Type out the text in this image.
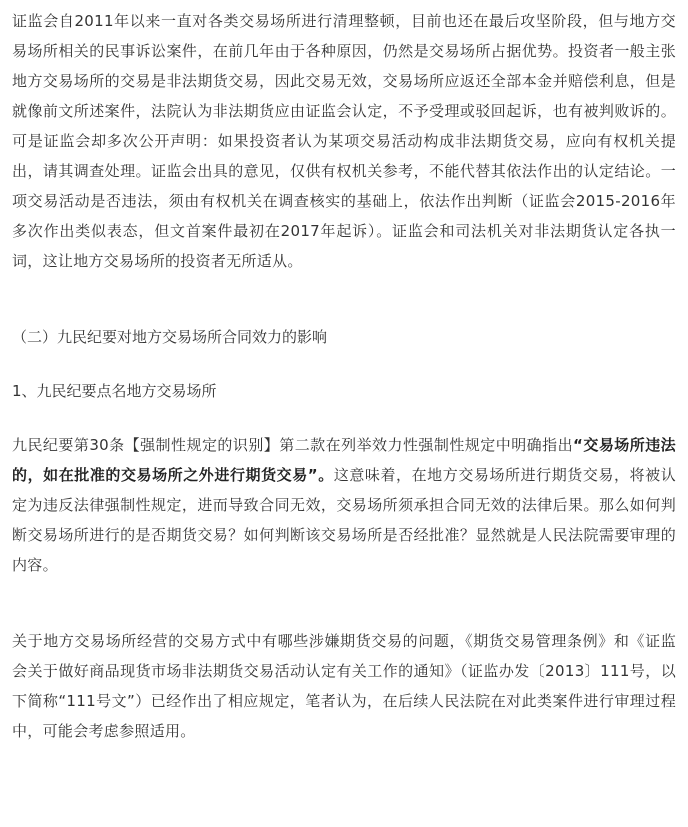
证监会自2011年以来一直对各类交易场所进行清理整顿，目前也还在最后攻坚阶段，但与地方交易场所相关的民事诉讼案件，在前几年由于各种原因，仍然是交易场所占据优势。投资者一般主张地方交易场所的交易是非法期货交易，因此交易无效，交易场所应返还全部本金并赔偿利息，但是就像前文所述案件，法院认为非法期货应由证监会认定，不予受理或驳回起诉，也有被判败诉的。可是证监会却多次公开声明：如果投资者认为某项交易活动构成非法期货交易，应向有权机关提出，请其调查处理。证监会出具的意见，仅供有权机关参考，不能代替其依法作出的认定结论。一项交易活动是否违法，须由有权机关在调查核实的基础上，依法作出判断（证监会2015-2016年多次作出类似表态，但文首案件最初在2017年起诉）。证监会和司法机关对非法期货认定各执一词，这让地方交易场所的投资者无所适从。

（二）九民纪要对地方交易场所合同效力的影响

1、九民纪要点名地方交易场所

九民纪要第30条【强制性规定的识别】第二款在列举效力性强制性规定中明确指出“交易场所违法的，如在批准的交易场所之外进行期货交易”。这意味着，在地方交易场所进行期货交易，将被认定为违反法律强制性规定，进而导致合同无效，交易场所须承担合同无效的法律后果。那么如何判断交易场所进行的是否期货交易？如何判断该交易场所是否经批准？显然就是人民法院需要审理的内容。

关于地方交易场所经营的交易方式中有哪些涉嫌期货交易的问题，《期货交易管理条例》和《证监会关于做好商品现货市场非法期货交易活动认定有关工作的通知》（证监办发〔2013〕111号，以下简称“111号文”）已经作出了相应规定，笔者认为，在后续人民法院在对此类案件进行审理过程中，可能会考虑参照适用。
